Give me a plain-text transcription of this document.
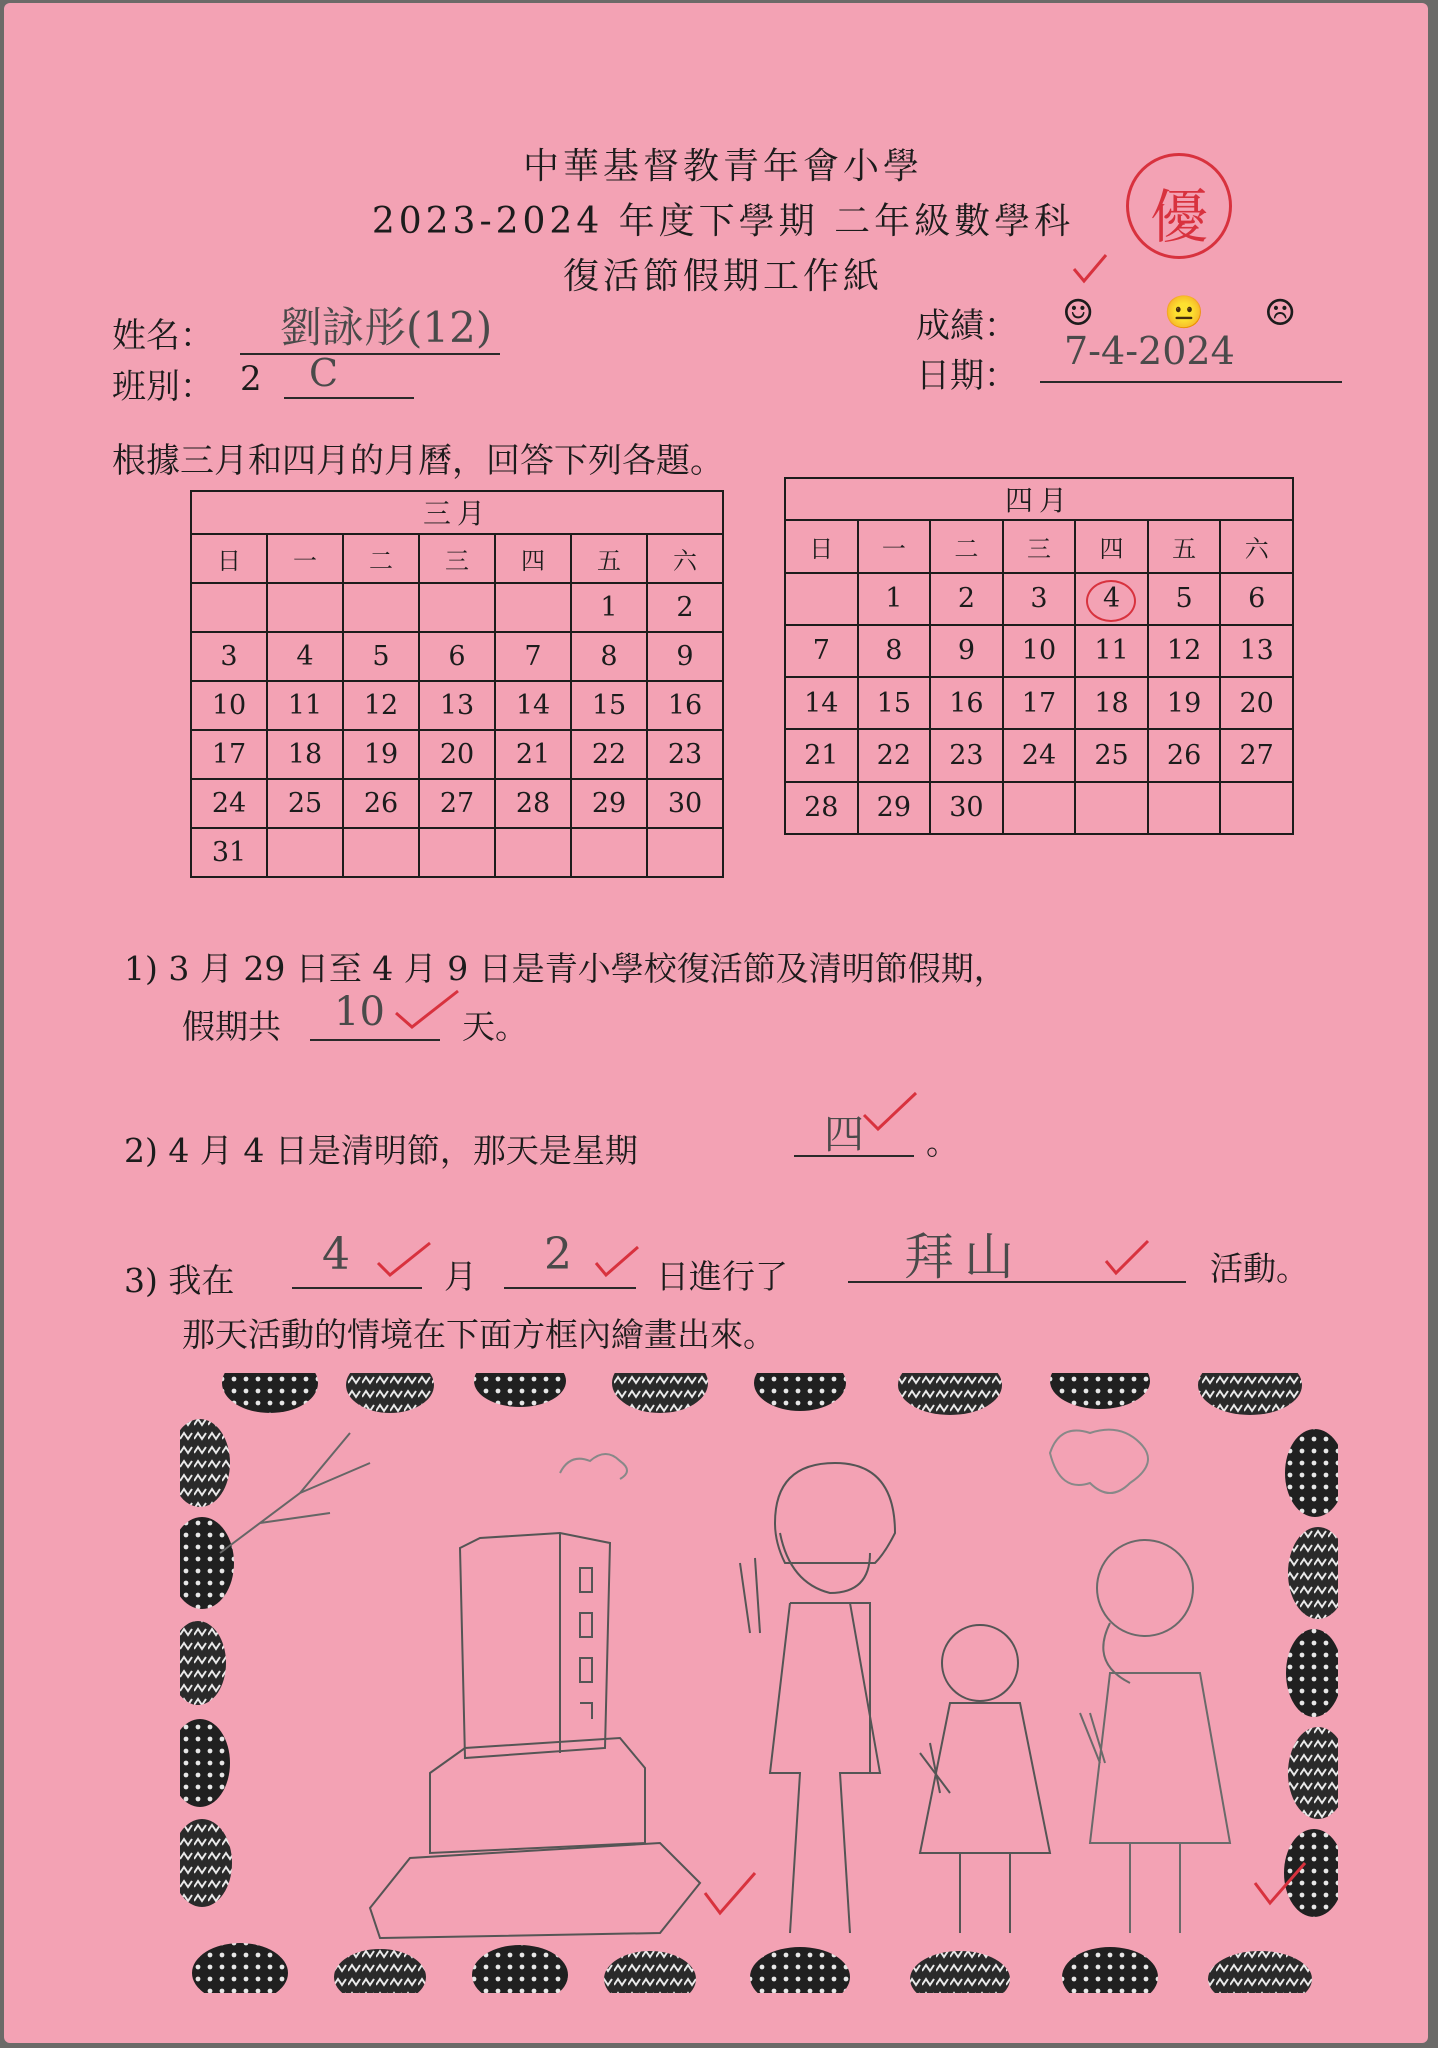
中華基督教青年會小學
2023-2024 年度下學期 二年級數學科
復活節假期工作紙
優
姓名： 劉詠彤(12)
班別： 2 C
成績： ☺ 😐 ☹
日期：
7-4-2024
根據三月和四月的月曆，回答下列各題。
三月						
日	一	二	三	四	五	六
					1	2
3	4	5	6	7	8	9
10	11	12	13	14	15	16
17	18	19	20	21	22	23
24	25	26	27	28	29	30
31						
四月						
日	一	二	三	四	五	六
	1	2	3	4	5	6
7	8	9	10	11	12	13
14	15	16	17	18	19	20
21	22	23	24	25	26	27
28	29	30				
1) 3 月 29 日至 4 月 9 日是青小學校復活節及清明節假期，
假期共 10 天。
2) 4 月 4 日是清明節，那天是星期	四 。
3) 我在
4	月 2	日進行了 拜山	活動。
那天活動的情境在下面方框內繪畫出來。
